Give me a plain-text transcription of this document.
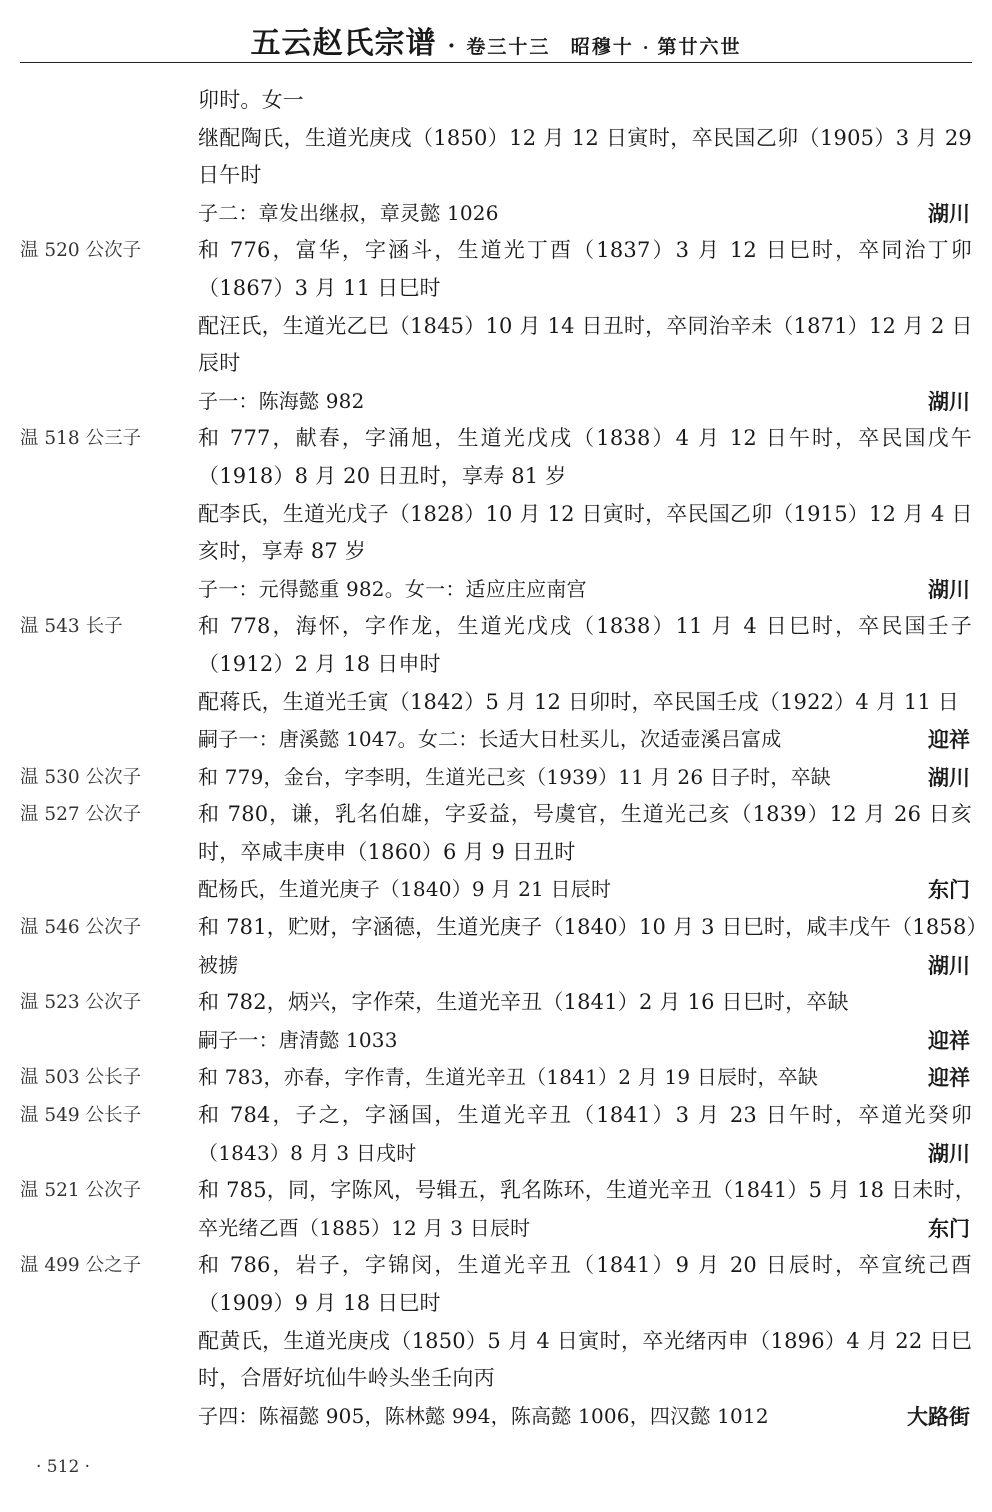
五云赵氏宗谱 · 卷三十三 昭穆十 · 第廿六世
卯时。女一
继配陶氏，生道光庚戌（1850）12 月 12 日寅时，卒民国乙卯（1905）3 月 29
日午时
子二：章发出继叔，章灵懿 1026	湖川
温 520 公次子	和 776，富华，字涵斗，生道光丁酉（1837）3 月 12 日巳时，卒同治丁卯
（1867）3 月 11 日巳时
配汪氏，生道光乙巳（1845）10 月 14 日丑时，卒同治辛未（1871）12 月 2 日
辰时
子一：陈海懿 982	湖川
温 518 公三子	和 777，献春，字涌旭，生道光戊戌（1838）4 月 12 日午时，卒民国戊午
（1918）8 月 20 日丑时，享寿 81 岁
配李氏，生道光戊子（1828）10 月 12 日寅时，卒民国乙卯（1915）12 月 4 日
亥时，享寿 87 岁
子一：元得懿重 982。女一：适应庄应南宫	湖川
温 543 长子	和 778，海怀，字作龙，生道光戊戌（1838）11 月 4 日巳时，卒民国壬子
（1912）2 月 18 日申时
配蒋氏，生道光壬寅（1842）5 月 12 日卯时，卒民国壬戌（1922）4 月 11 日
嗣子一：唐溪懿 1047。女二：长适大日杜买儿，次适壶溪吕富成	迎祥
温 530 公次子	和 779，金台，字李明，生道光己亥（1939）11 月 26 日子时，卒缺	湖川
温 527 公次子	和 780，谦，乳名伯雄，字妥益，号虞官，生道光己亥（1839）12 月 26 日亥
时，卒咸丰庚申（1860）6 月 9 日丑时
配杨氏，生道光庚子（1840）9 月 21 日辰时	东门
温 546 公次子	和 781，贮财，字涵德，生道光庚子（1840）10 月 3 日巳时，咸丰戊午（1858）
被掳	湖川
温 523 公次子	和 782，炳兴，字作荣，生道光辛丑（1841）2 月 16 日巳时，卒缺
嗣子一：唐清懿 1033	迎祥
温 503 公长子	和 783，亦春，字作青，生道光辛丑（1841）2 月 19 日辰时，卒缺	迎祥
温 549 公长子	和 784，子之，字涵国，生道光辛丑（1841）3 月 23 日午时，卒道光癸卯
（1843）8 月 3 日戌时	湖川
温 521 公次子	和 785，同，字陈风，号辑五，乳名陈环，生道光辛丑（1841）5 月 18 日未时，
卒光绪乙酉（1885）12 月 3 日辰时	东门
温 499 公之子	和 786，岩子，字锦闵，生道光辛丑（1841）9 月 20 日辰时，卒宣统己酉
（1909）9 月 18 日巳时
配黄氏，生道光庚戌（1850）5 月 4 日寅时，卒光绪丙申（1896）4 月 22 日巳
时，合厝好坑仙牛岭头坐壬向丙
子四：陈福懿 905，陈林懿 994，陈高懿 1006，四汉懿 1012	大路街
· 512 ·
